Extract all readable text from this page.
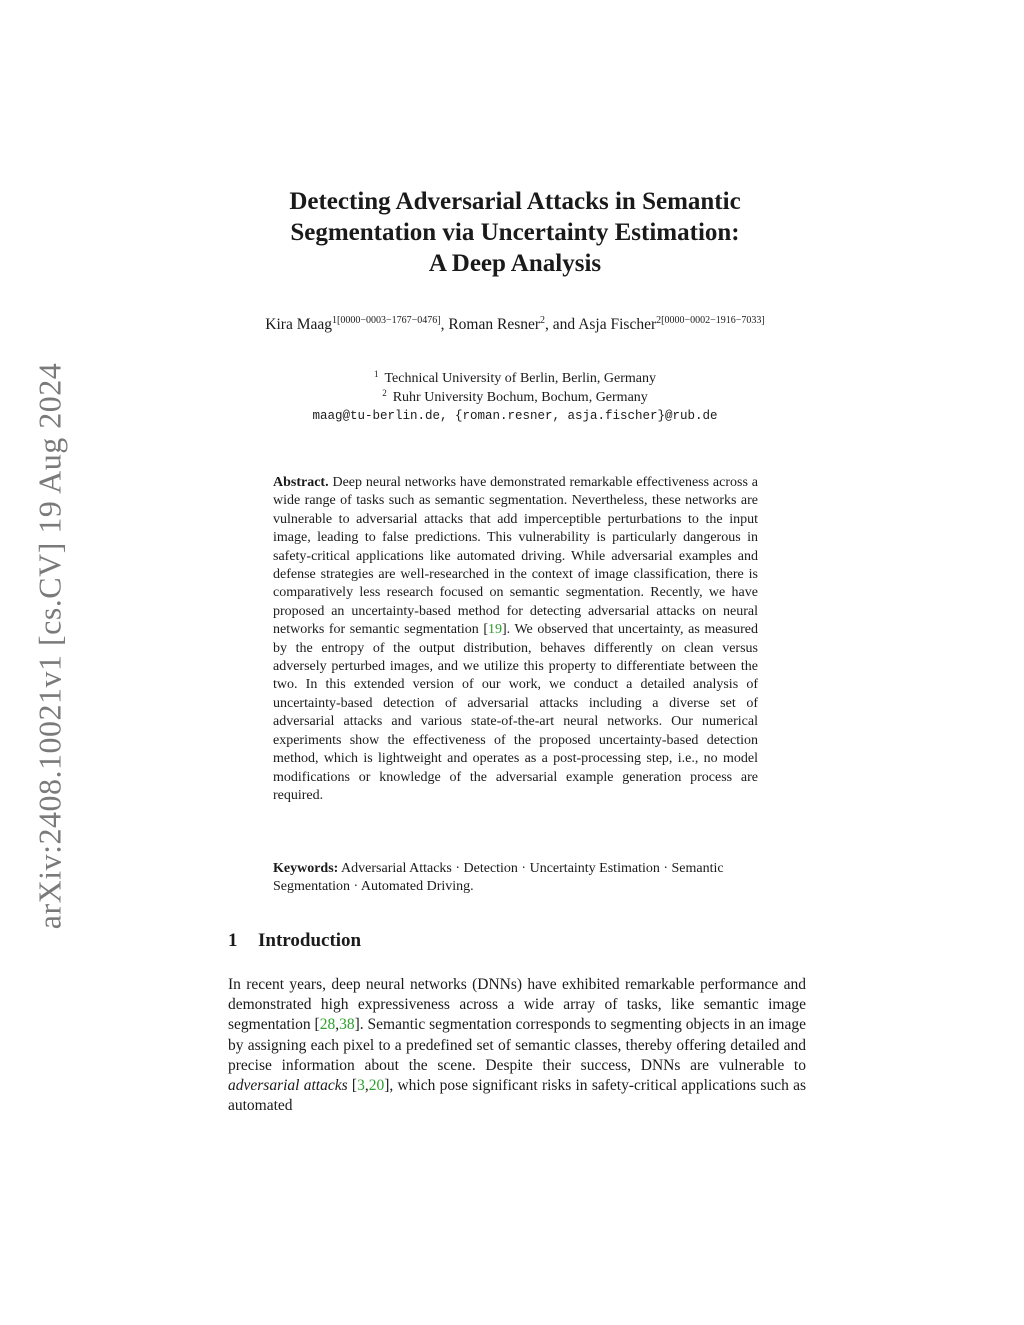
arXiv:2408.10021v1 [cs.CV] 19 Aug 2024
Detecting Adversarial Attacks in Semantic
Segmentation via Uncertainty Estimation:
A Deep Analysis
Kira Maag$^{1[0000-0003-1767-0476]}$, Roman Resner$^2$, and Asja Fischer$^{2[0000-0002-1916-7033]}$
$^1$ Technical University of Berlin, Berlin, Germany
$^2$ Ruhr University Bochum, Bochum, Germany
maag@tu-berlin.de, {roman.resner, asja.fischer}@rub.de
Abstract. Deep neural networks have demonstrated remarkable effectiveness across a wide range of tasks such as semantic segmentation. Nevertheless, these networks are vulnerable to adversarial attacks that add imperceptible perturbations to the input image, leading to false predictions. This vulnerability is particularly dangerous in safety-critical applications like automated driving. While adversarial examples and defense strategies are well-researched in the context of image classification, there is comparatively less research focused on semantic segmentation. Recently, we have proposed an uncertainty-based method for detecting adversarial attacks on neural networks for semantic segmentation [19]. We observed that uncertainty, as measured by the entropy of the output distribution, behaves differently on clean versus adversely perturbed images, and we utilize this property to differentiate between the two. In this extended version of our work, we conduct a detailed analysis of uncertainty-based detection of adversarial attacks including a diverse set of adversarial attacks and various state-of-the-art neural networks. Our numerical experiments show the effectiveness of the proposed uncertainty-based detection method, which is lightweight and operates as a post-processing step, i.e., no model modifications or knowledge of the adversarial example generation process are required.
Keywords: Adversarial Attacks · Detection · Uncertainty Estimation · Semantic Segmentation · Automated Driving.
1 Introduction

In recent years, deep neural networks (DNNs) have exhibited remarkable performance and demonstrated high expressiveness across a wide array of tasks, like semantic image segmentation [28,38]. Semantic segmentation corresponds to segmenting objects in an image by assigning each pixel to a predefined set of semantic classes, thereby offering detailed and precise information about the scene. Despite their success, DNNs are vulnerable to adversarial attacks [3,20], which pose significant risks in safety-critical applications such as automated
